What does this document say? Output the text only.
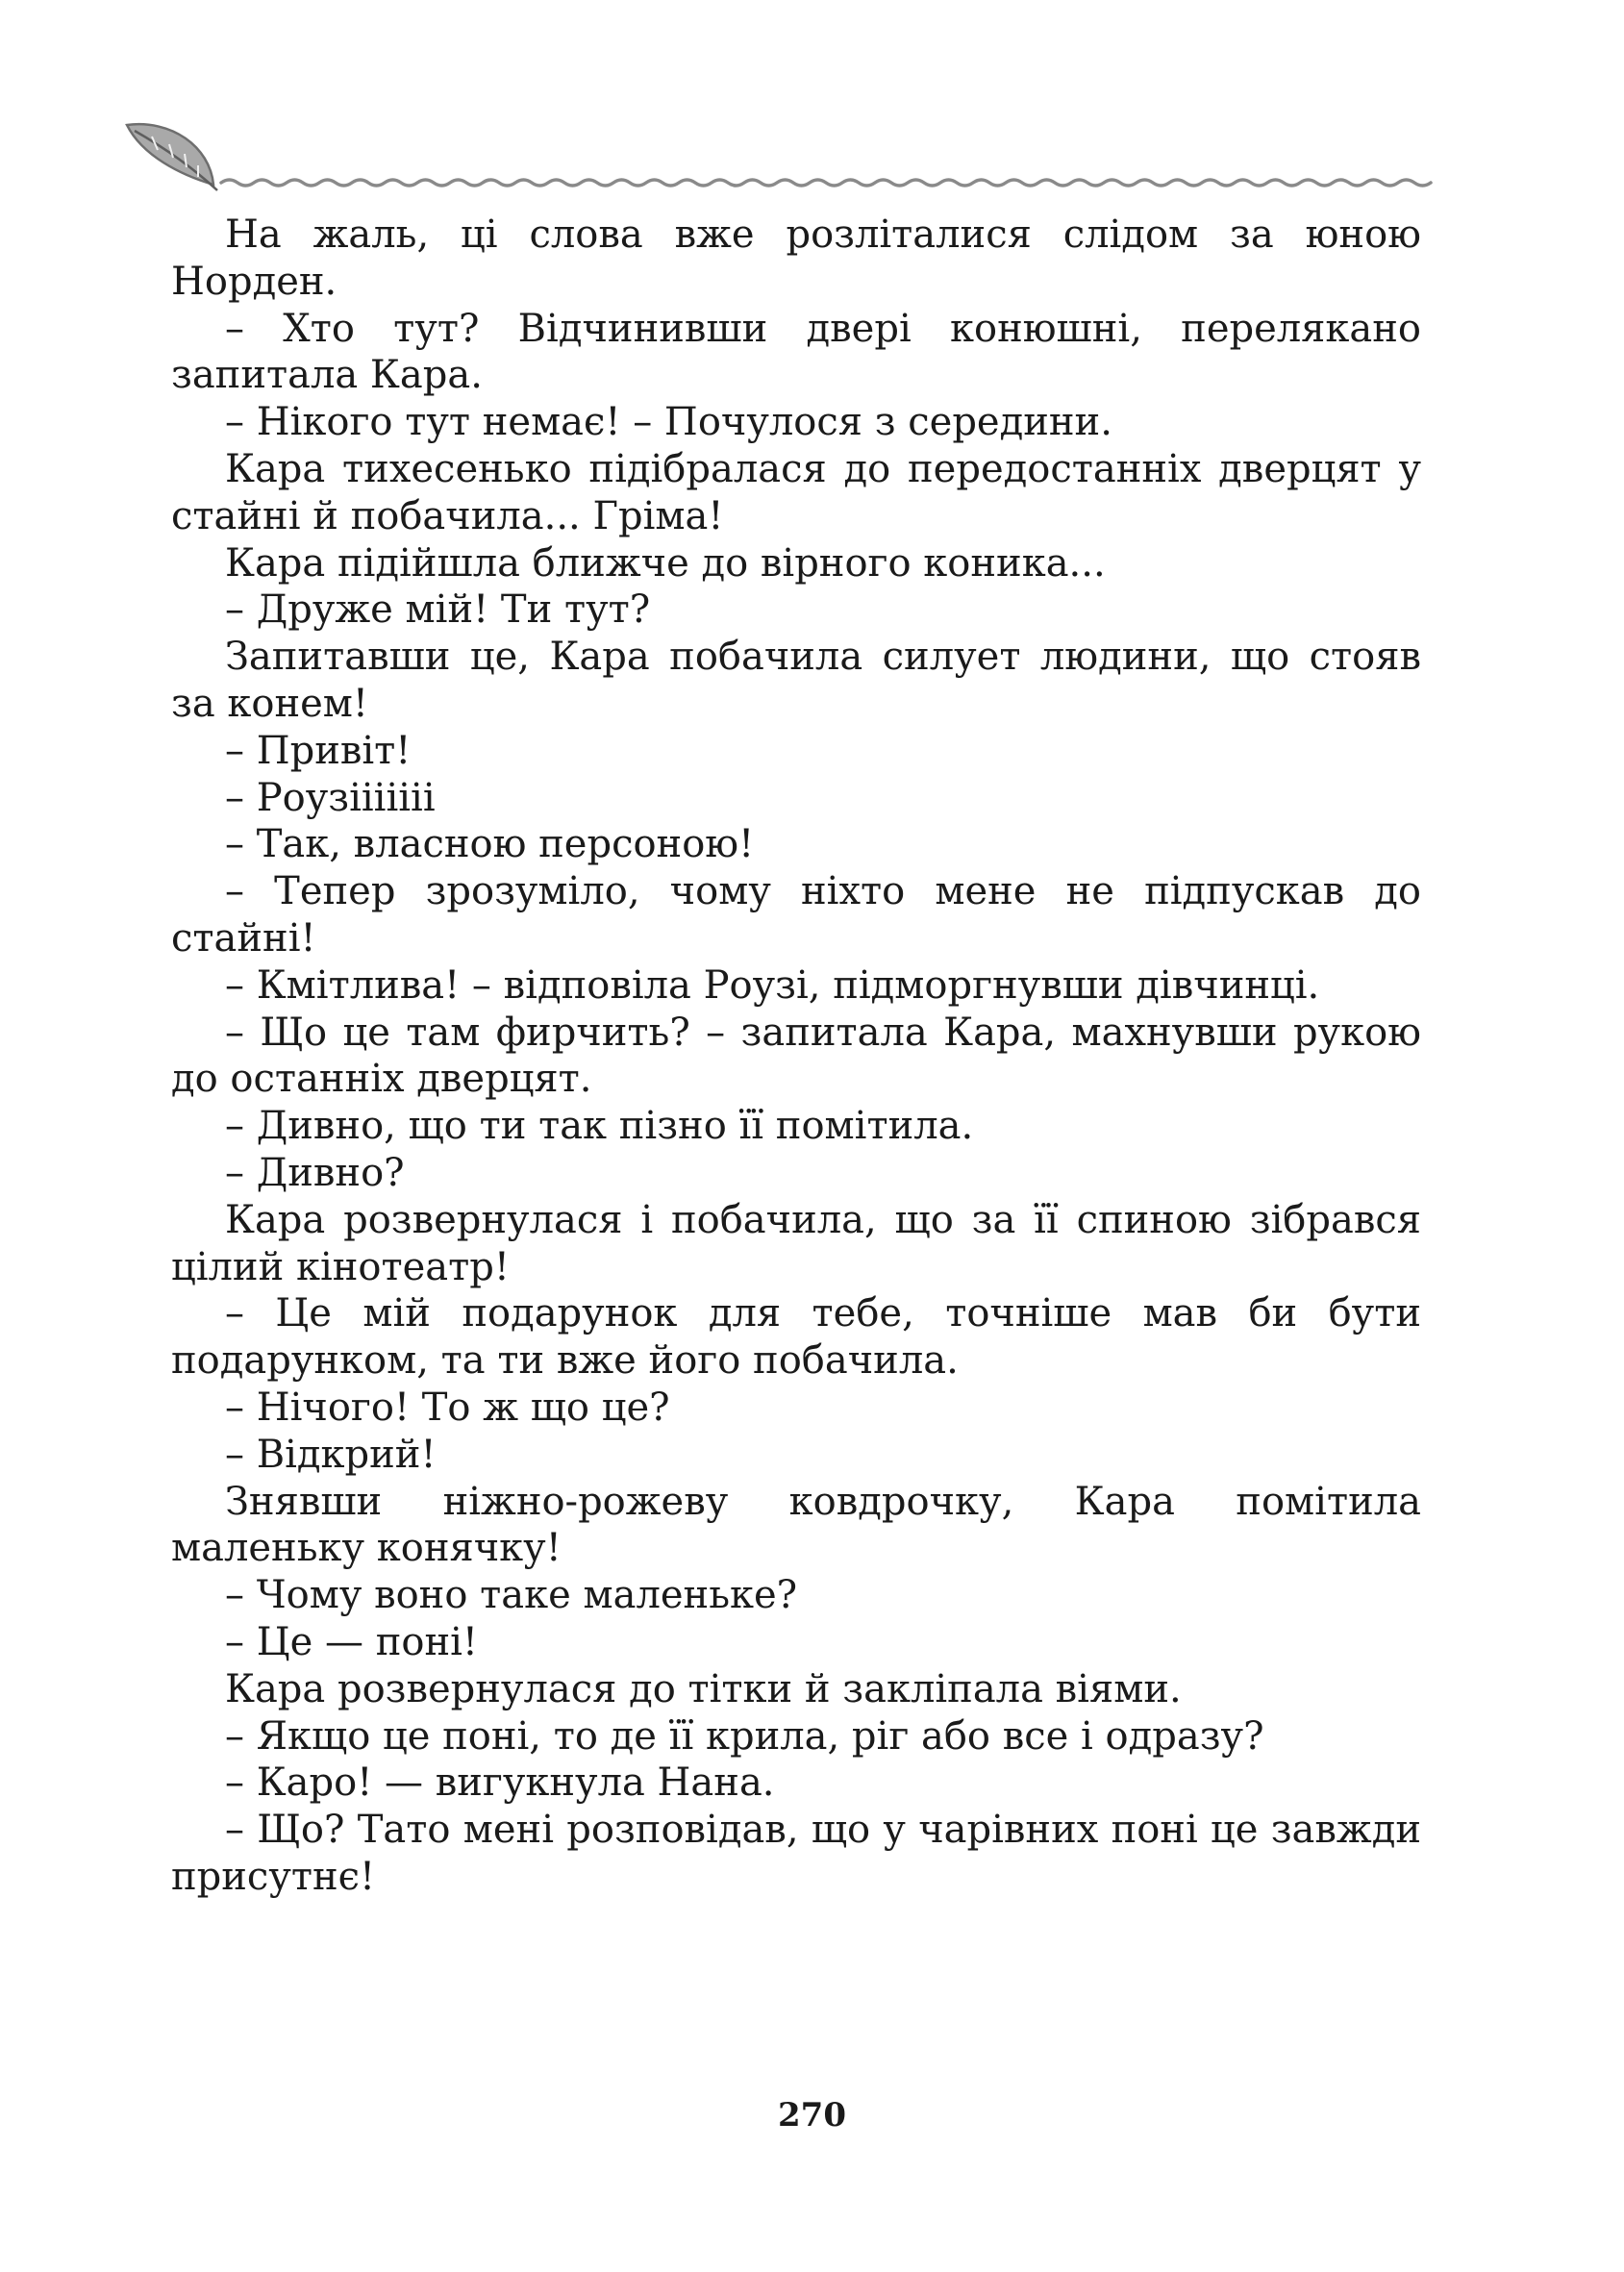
На жаль, ці слова вже розліталися слідом за юною Норден.

– Хто тут? Відчинивши двері конюшні, перелякано запитала Кара.

– Нікого тут немає! – Почулося з середини.

Кара тихесенько підібралася до передостанніх дверцят у стайні й побачила... Гріма!

Кара підійшла ближче до вірного коника...

– Друже мій! Ти тут?

Запитавши це, Кара побачила силует людини, що стояв за конем!

– Привіт!

– Роузііііііі

– Так, власною персоною!

– Тепер зрозуміло, чому ніхто мене не підпускав до стайні!

– Кмітлива! – відповіла Роузі, підморгнувши дівчинці.

– Що це там фирчить? – запитала Кара, махнувши рукою до останніх дверцят.

– Дивно, що ти так пізно її помітила.

– Дивно?

Кара розвернулася і побачила, що за її спиною зібрався цілий кінотеатр!

– Це мій подарунок для тебе, точніше мав би бути подарунком, та ти вже його побачила.

– Нічого! То ж що це?

– Відкрий!

Знявши ніжно-рожеву ковдрочку, Кара помітила маленьку конячку!

– Чому воно таке маленьке?

– Це — поні!

Кара розвернулася до тітки й закліпала віями.

– Якщо це поні, то де її крила, ріг або все і одразу?

– Каро! — вигукнула Нана.

– Що? Тато мені розповідав, що у чарівних поні це завжди присутнє!

270
